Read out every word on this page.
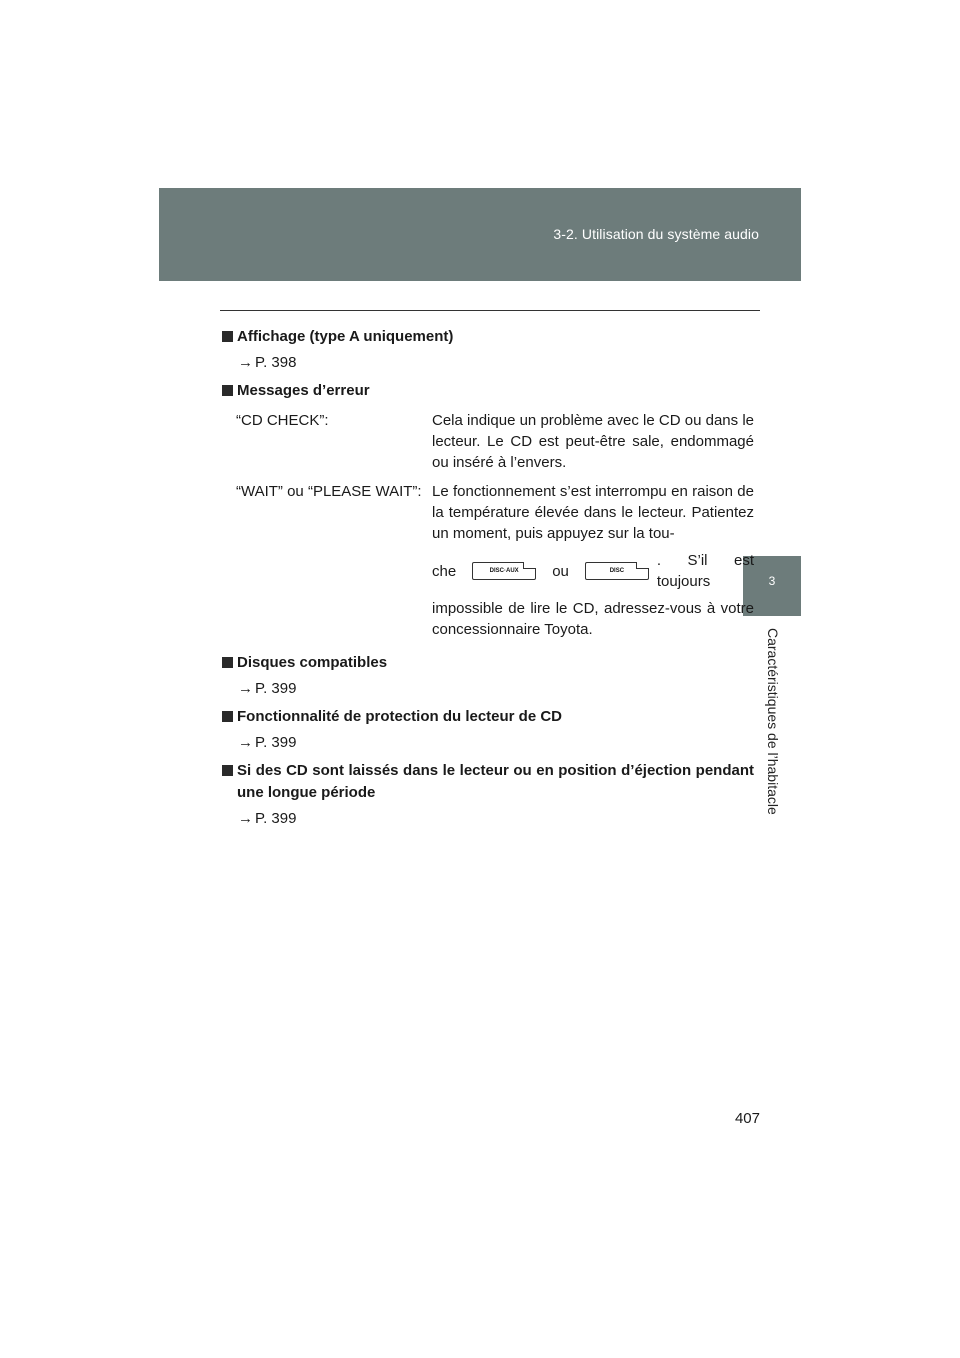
3-2. Utilisation du système audio
3
Caractéristiques de l’habitacle

Affichage (type A uniquement)

→ P. 398

Messages d’erreur

“CD CHECK”:	Cela indique un problème avec le CD ou dans le lecteur. Le CD est peut-être sale, endommagé ou inséré à l’envers.
“WAIT” ou “PLEASE WAIT”: Le fonctionnement s’est interrompu en raison de la température élevée dans le lecteur. Patientez un moment, puis appuyez sur la tou-
che	DISC·AUX	ou	DISC
. S’il est toujours
impossible de lire le CD, adressez-vous à votre concessionnaire Toyota.

Disques compatibles

→ P. 399

Fonctionnalité de protection du lecteur de CD

→ P. 399
Si des CD sont laissés dans le lecteur ou en position d’éjection pendant une longue période
→ P. 399
407
